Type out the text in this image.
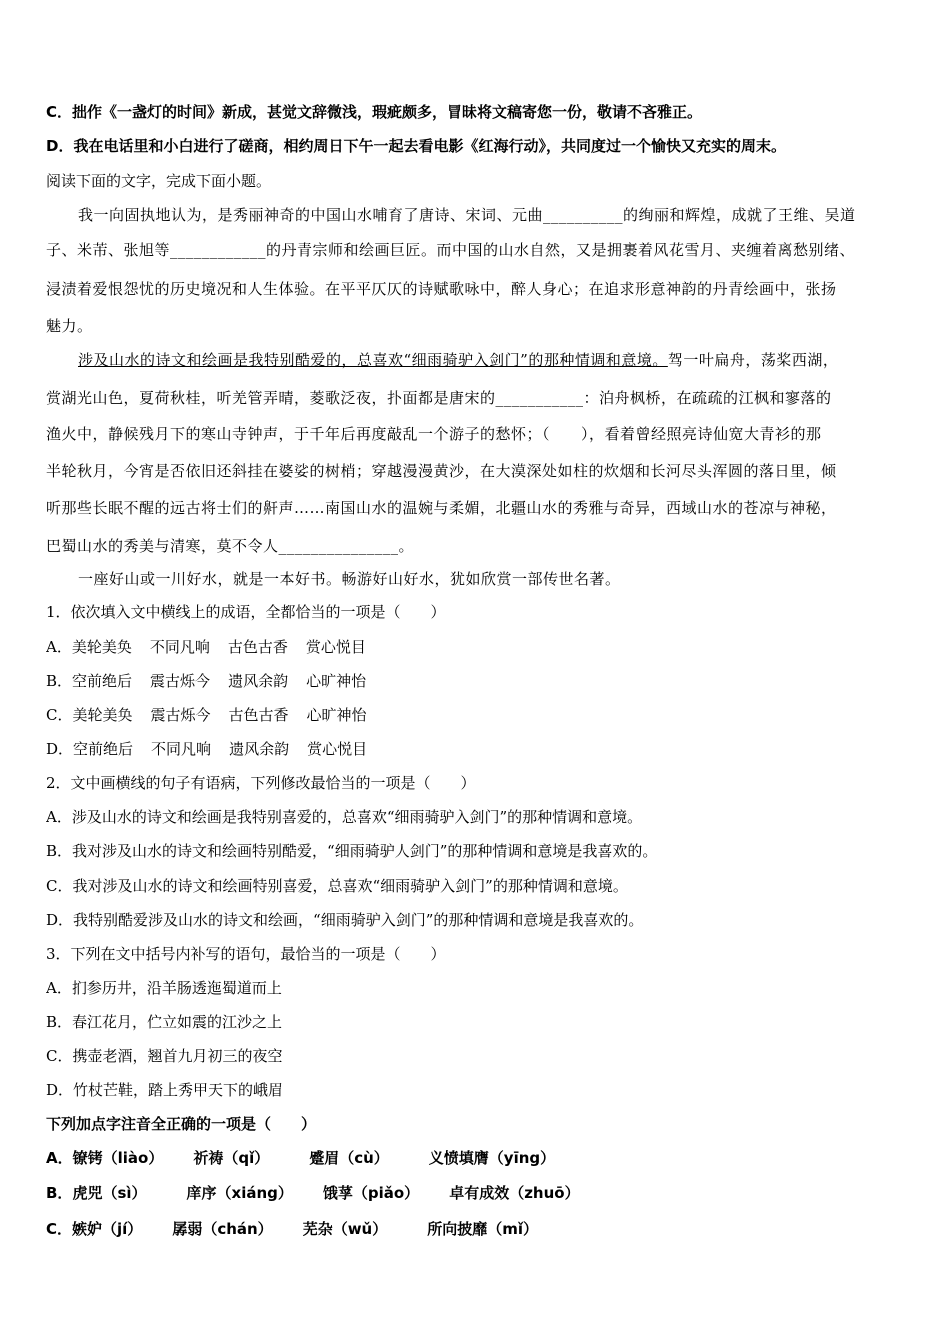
C．拙作《一盏灯的时间》新成，甚觉文辞微浅，瑕疵颇多，冒昧将文稿寄您一份，敬请不吝雅正。
D．我在电话里和小白进行了磋商，相约周日下午一起去看电影《红海行动》，共同度过一个愉快又充实的周末。
阅读下面的文字，完成下面小题。
我一向固执地认为，是秀丽神奇的中国山水哺育了唐诗、宋词、元曲__________的绚丽和辉煌，成就了王维、吴道
子、米芾、张旭等____________的丹青宗师和绘画巨匠。而中国的山水自然，又是拥裹着风花雪月、夹缠着离愁别绪、
浸渍着爱恨怨忧的历史境况和人生体验。在平平仄仄的诗赋歌咏中，醉人身心；在追求形意神韵的丹青绘画中，张扬
魅力。
涉及山水的诗文和绘画是我特别酷爱的，总喜欢“细雨骑驴入剑门”的那种情调和意境。驾一叶扁舟，荡桨西湖，
赏湖光山色，夏荷秋桂，听羌管弄晴，菱歌泛夜，扑面都是唐宋的___________：泊舟枫桥，在疏疏的江枫和寥落的
渔火中，静候残月下的寒山寺钟声，于千年后再度敲乱一个游子的愁怀；（　　），看着曾经照亮诗仙宽大青衫的那
半轮秋月，今宵是否依旧还斜挂在婆娑的树梢；穿越漫漫黄沙，在大漠深处如柱的炊烟和长河尽头浑圆的落日里，倾
听那些长眠不醒的远古将士们的鼾声……南国山水的温婉与柔媚，北疆山水的秀雅与奇异，西域山水的苍凉与神秘，
巴蜀山水的秀美与清寒，莫不令人_______________。
一座好山或一川好水，就是一本好书。畅游好山好水，犹如欣赏一部传世名著。
1．依次填入文中横线上的成语，全都恰当的一项是（　　）
A．美轮美奂 不同凡响 古色古香 赏心悦目
B．空前绝后 震古烁今 遗风余韵 心旷神怡
C．美轮美奂 震古烁今 古色古香 心旷神怡
D．空前绝后 不同凡响 遗风余韵 赏心悦目
2．文中画横线的句子有语病，下列修改最恰当的一项是（　　）
A．涉及山水的诗文和绘画是我特别喜爱的，总喜欢“细雨骑驴入剑门”的那种情调和意境。
B．我对涉及山水的诗文和绘画特别酷爱，“细雨骑驴人剑门”的那种情调和意境是我喜欢的。
C．我对涉及山水的诗文和绘画特别喜爱，总喜欢“细雨骑驴入剑门”的那种情调和意境。
D．我特别酷爱涉及山水的诗文和绘画，“细雨骑驴入剑门”的那种情调和意境是我喜欢的。
3．下列在文中括号内补写的语句，最恰当的一项是（　　）
A．扪参历井，沿羊肠透迤蜀道而上
B．春江花月，伫立如震的江沙之上
C．携壶老酒，翘首九月初三的夜空
D．竹杖芒鞋，踏上秀甲天下的峨眉
下列加点字注音全正确的一项是（　　）
A．镣铐（liào） 祈祷（qǐ）	蹙眉（cù）	义愤填膺（yīng）
B．虎兕（sì）	庠序（xiáng） 饿莩（piǎo） 卓有成效（zhuō）
C．嫉妒（jí） 孱弱（chán） 芜杂（wǔ）	所向披靡（mǐ）
